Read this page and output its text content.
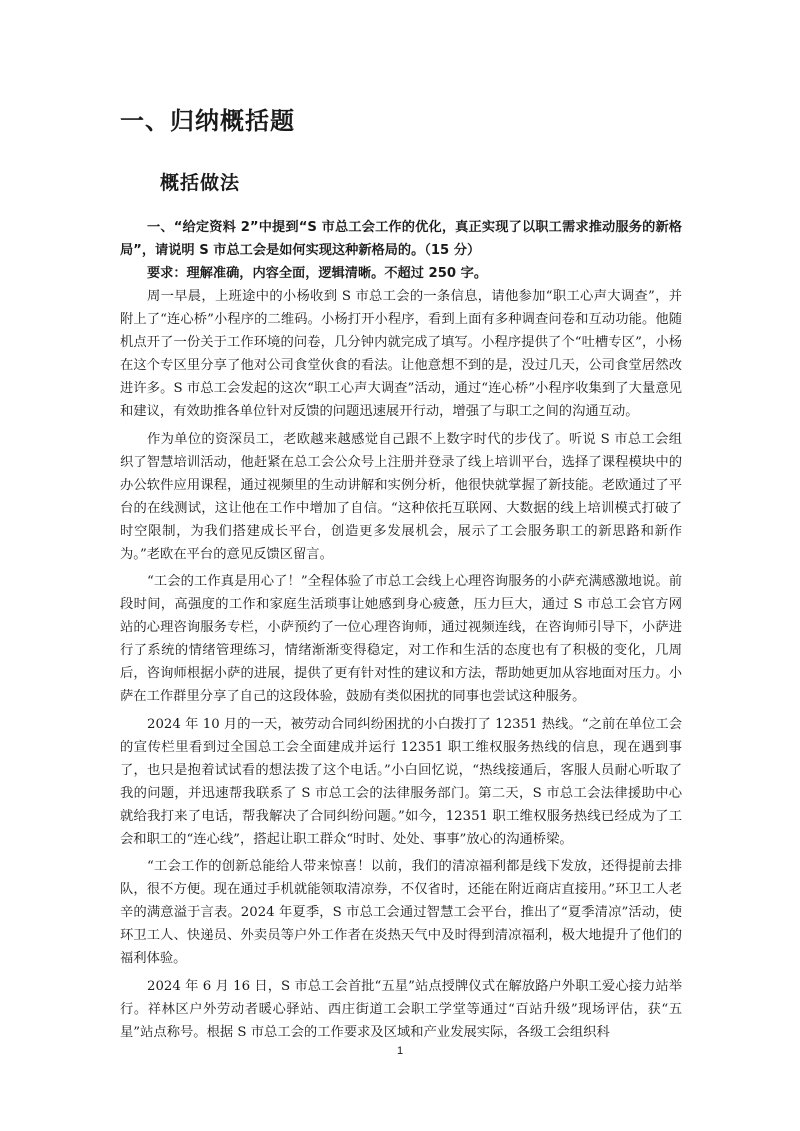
一、归纳概括题
概括做法

一、“给定资料 2”中提到“S 市总工会工作的优化，真正实现了以职工需求推动服务的新格局”，请说明 S 市总工会是如何实现这种新格局的。（15 分）

要求：理解准确，内容全面，逻辑清晰。不超过 250 字。

周一早晨，上班途中的小杨收到 S 市总工会的一条信息，请他参加“职工心声大调查”，并附上了“连心桥”小程序的二维码。小杨打开小程序，看到上面有多种调查问卷和互动功能。他随机点开了一份关于工作环境的问卷，几分钟内就完成了填写。小程序提供了个“吐槽专区”，小杨在这个专区里分享了他对公司食堂伙食的看法。让他意想不到的是，没过几天，公司食堂居然改进许多。S 市总工会发起的这次“职工心声大调查”活动，通过“连心桥”小程序收集到了大量意见和建议，有效助推各单位针对反馈的问题迅速展开行动，增强了与职工之间的沟通互动。

作为单位的资深员工，老欧越来越感觉自己跟不上数字时代的步伐了。听说 S 市总工会组织了智慧培训活动，他赶紧在总工会公众号上注册并登录了线上培训平台，选择了课程模块中的办公软件应用课程，通过视频里的生动讲解和实例分析，他很快就掌握了新技能。老欧通过了平台的在线测试，这让他在工作中增加了自信。“这种依托互联网、大数据的线上培训模式打破了时空限制，为我们搭建成长平台，创造更多发展机会，展示了工会服务职工的新思路和新作为。”老欧在平台的意见反馈区留言。

“工会的工作真是用心了！”全程体验了市总工会线上心理咨询服务的小萨充满感激地说。前段时间，高强度的工作和家庭生活琐事让她感到身心疲惫，压力巨大，通过 S 市总工会官方网站的心理咨询服务专栏，小萨预约了一位心理咨询师，通过视频连线，在咨询师引导下，小萨进行了系统的情绪管理练习，情绪渐渐变得稳定，对工作和生活的态度也有了积极的变化，几周后，咨询师根据小萨的进展，提供了更有针对性的建议和方法，帮助她更加从容地面对压力。小萨在工作群里分享了自己的这段体验，鼓励有类似困扰的同事也尝试这种服务。

2024 年 10 月的一天，被劳动合同纠纷困扰的小白拨打了 12351 热线。“之前在单位工会的宣传栏里看到过全国总工会全面建成并运行 12351 职工维权服务热线的信息，现在遇到事了，也只是抱着试试看的想法拨了这个电话。”小白回忆说，“热线接通后，客服人员耐心听取了我的问题，并迅速帮我联系了 S 市总工会的法律服务部门。第二天，S 市总工会法律援助中心就给我打来了电话，帮我解决了合同纠纷问题。”如今，12351 职工维权服务热线已经成为了工会和职工的“连心线”，搭起让职工群众“时时、处处、事事”放心的沟通桥梁。

“工会工作的创新总能给人带来惊喜！以前，我们的清凉福利都是线下发放，还得提前去排队，很不方便。现在通过手机就能领取清凉券，不仅省时，还能在附近商店直接用。”环卫工人老辛的满意溢于言表。2024 年夏季，S 市总工会通过智慧工会平台，推出了“夏季清凉”活动，使环卫工人、快递员、外卖员等户外工作者在炎热天气中及时得到清凉福利，极大地提升了他们的福利体验。

2024 年 6 月 16 日，S 市总工会首批“五星”站点授牌仪式在解放路户外职工爱心接力站举行。祥林区户外劳动者暖心驿站、西庄街道工会职工学堂等通过“百站升级”现场评估，获“五星”站点称号。根据 S 市总工会的工作要求及区域和产业发展实际，各级工会组织科

1
